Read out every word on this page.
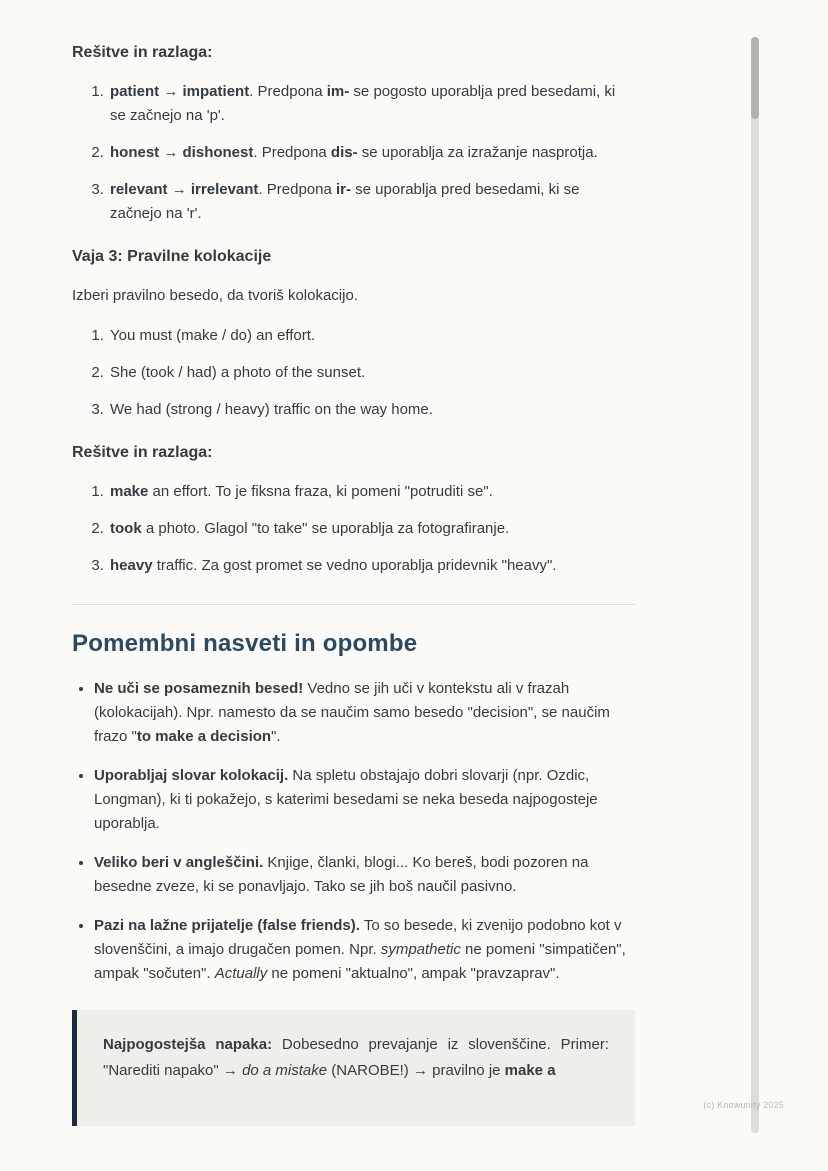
Rešitve in razlaga:

1. patient → impatient. Predpona im- se pogosto uporablja pred besedami, ki se začnejo na 'p'.
2. honest → dishonest. Predpona dis- se uporablja za izražanje nasprotja.
3. relevant → irrelevant. Predpona ir- se uporablja pred besedami, ki se začnejo na 'r'.

Vaja 3: Pravilne kolokacije

Izberi pravilno besedo, da tvoriš kolokacijo.

1. You must (make / do) an effort.
2. She (took / had) a photo of the sunset.
3. We had (strong / heavy) traffic on the way home.

Rešitve in razlaga:

1. make an effort. To je fiksna fraza, ki pomeni "potruditi se".
2. took a photo. Glagol "to take" se uporablja za fotografiranje.
3. heavy traffic. Za gost promet se vedno uporablja pridevnik "heavy".
Pomembni nasveti in opombe
• Ne uči se posameznih besed! Vedno se jih uči v kontekstu ali v frazah (kolokacijah). Npr. namesto da se naučim samo besedo "decision", se naučim frazo "to make a decision".
• Uporabljaj slovar kolokacij. Na spletu obstajajo dobri slovarji (npr. Ozdic, Longman), ki ti pokažejo, s katerimi besedami se neka beseda najpogosteje uporablja.
• Veliko beri v angleščini. Knjige, članki, blogi... Ko bereš, bodi pozoren na besedne zveze, ki se ponavljajo. Tako se jih boš naučil pasivno.
• Pazi na lažne prijatelje (false friends). To so besede, ki zvenijo podobno kot v slovenščini, a imajo drugačen pomen. Npr. sympathetic ne pomeni "simpatičen", ampak "sočuten". Actually ne pomeni "aktualno", ampak "pravzaprav".

Najpogostejša napaka: Dobesedno prevajanje iz slovenščine. Primer: "Narediti napako" → do a mistake (NAROBE!) → pravilno je make a

(c) Knowunity 2025
